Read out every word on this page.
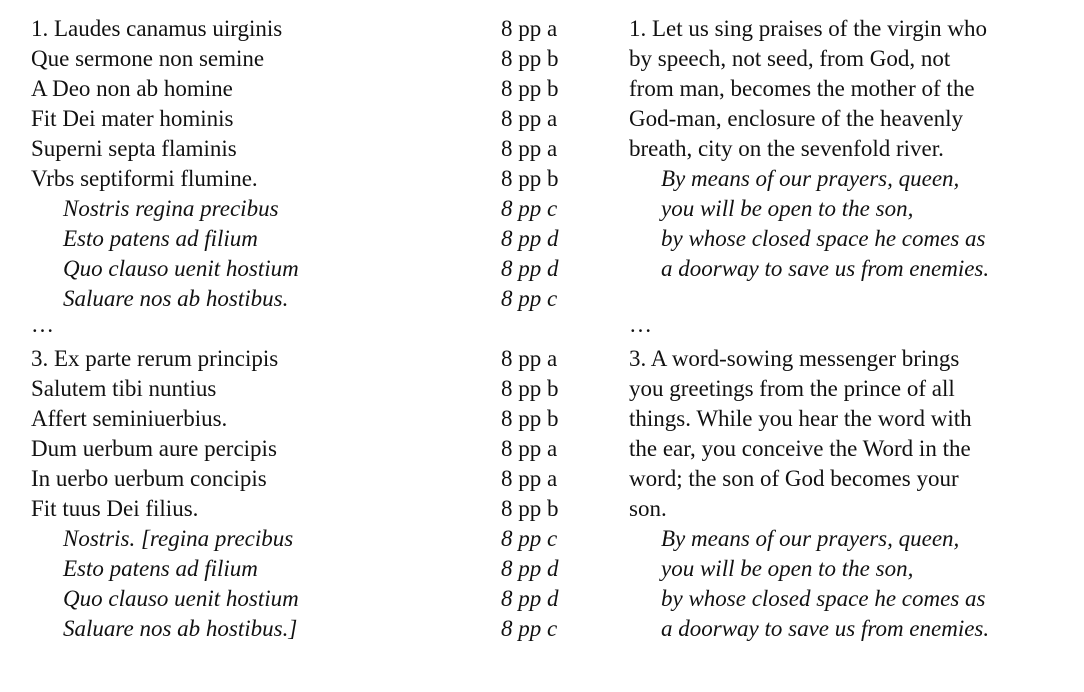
1. Laudes canamus uirginis
Que sermone non semine
A Deo non ab homine
Fit Dei mater hominis
Superni septa flaminis
Vrbs septiformi flumine.
Nostris regina precibus
Esto patens ad filium
Quo clauso uenit hostium
Saluare nos ab hostibus.
…
3. Ex parte rerum principis
Salutem tibi nuntius
Affert seminiuerbius.
Dum uerbum aure percipis
In uerbo uerbum concipis
Fit tuus Dei filius.
Nostris. [regina precibus
Esto patens ad filium
Quo clauso uenit hostium
Saluare nos ab hostibus.]
8 pp a
8 pp b
8 pp b
8 pp a
8 pp a
8 pp b
8 pp c
8 pp d
8 pp d
8 pp c
8 pp a
8 pp b
8 pp b
8 pp a
8 pp a
8 pp b
8 pp c
8 pp d
8 pp d
8 pp c
1. Let us sing praises of the virgin who
by speech, not seed, from God, not
from man, becomes the mother of the
God-man, enclosure of the heavenly
breath, city on the sevenfold river.
By means of our prayers, queen,
you will be open to the son,
by whose closed space he comes as
a doorway to save us from enemies.
…
3. A word-sowing messenger brings
you greetings from the prince of all
things. While you hear the word with
the ear, you conceive the Word in the
word; the son of God becomes your
son.
By means of our prayers, queen,
you will be open to the son,
by whose closed space he comes as
a doorway to save us from enemies.
